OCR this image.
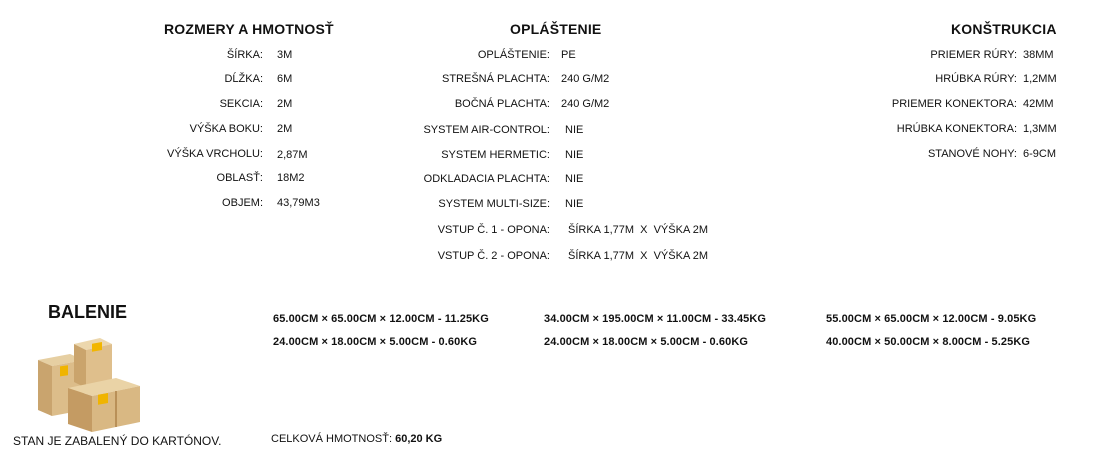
ROZMERY A HMOTNOSŤ	OPLÁŠTENIE	KONŠTRUKCIA
ŠÍRKA: 3M
DĹŽKA: 6M
SEKCIA: 2M
VÝŠKA BOKU: 2M
VÝŠKA VRCHOLU: 2,87M
OBLASŤ: 18M2
OBJEM: 43,79M3
OPLÁŠTENIE: PE
STREŠNÁ PLACHTA: 240 G/M2
BOČNÁ PLACHTA: 240 G/M2
SYSTEM AIR-CONTROL: NIE
SYSTEM HERMETIC: NIE
ODKLADACIA PLACHTA: NIE
SYSTEM MULTI-SIZE: NIE
VSTUP Č. 1 - OPONA: ŠÍRKA 1,77M  X  VÝŠKA 2M
VSTUP Č. 2 - OPONA: ŠÍRKA 1,77M  X  VÝŠKA 2M
PRIEMER RÚRY: 38MM
HRÚBKA RÚRY: 1,2MM
PRIEMER KONEKTORA: 42MM
HRÚBKA KONEKTORA: 1,3MM
STANOVÉ NOHY: 6-9CM
BALENIE
STAN JE ZABALENÝ DO KARTÓNOV.
65.00CM × 65.00CM × 12.00CM - 11.25KG	34.00CM × 195.00CM × 11.00CM - 33.45KG	55.00CM × 65.00CM × 12.00CM - 9.05KG
24.00CM × 18.00CM × 5.00CM - 0.60KG	24.00CM × 18.00CM × 5.00CM - 0.60KG	40.00CM × 50.00CM × 8.00CM - 5.25KG
CELKOVÁ HMOTNOSŤ: 60,20 KG
